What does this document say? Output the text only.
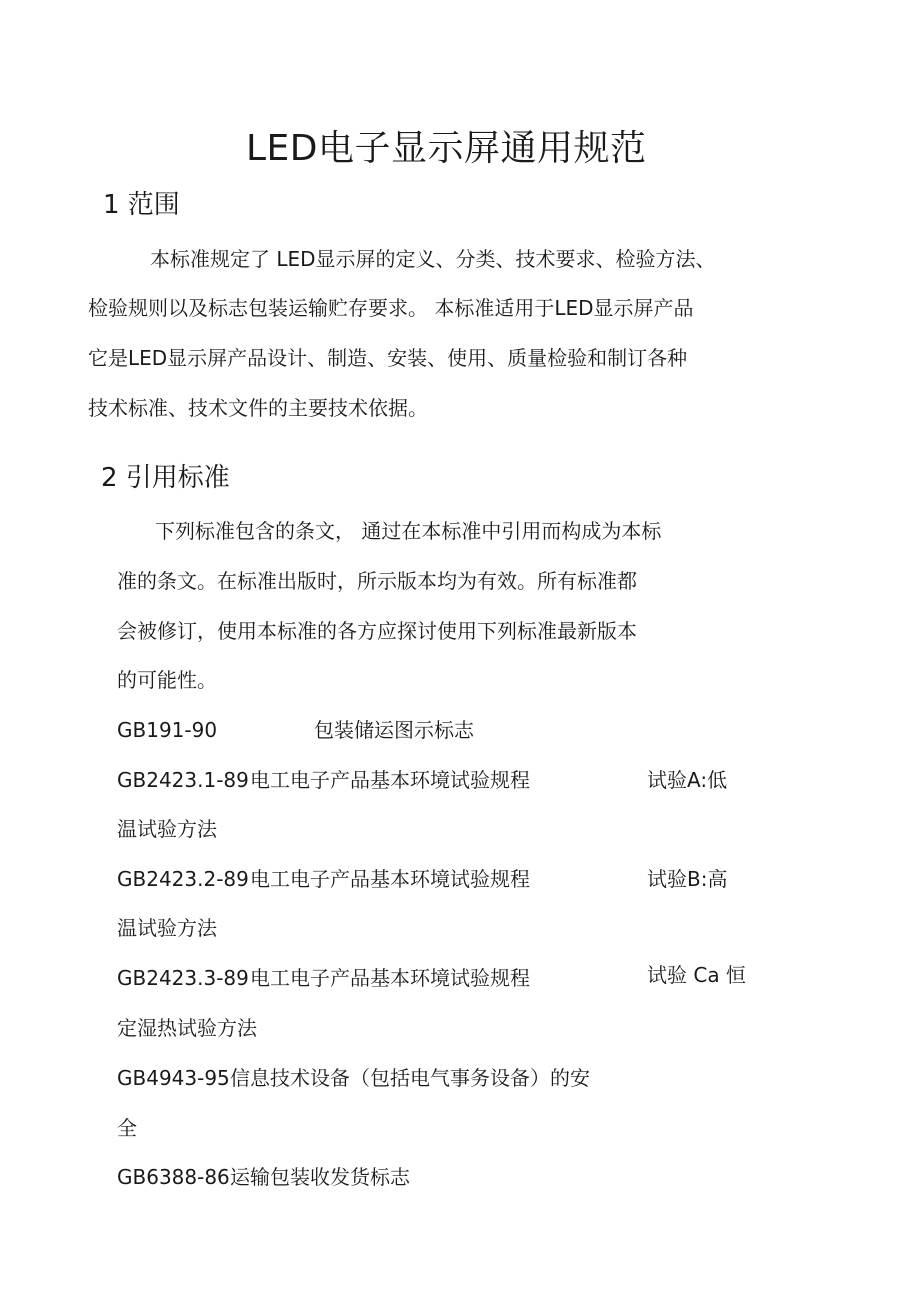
LED电子显示屏通用规范
1 范围
本标准规定了 LED显示屏的定义、分类、技术要求、检验方法、
检验规则以及标志包装运输贮存要求。 本标准适用于LED显示屏产品
它是LED显示屏产品设计、制造、安装、使用、质量检验和制订各种
技术标准、技术文件的主要技术依据。
2 引用标准
下列标准包含的条文， 通过在本标准中引用而构成为本标
准的条文。在标准出版时，所示版本均为有效。所有标准都
会被修订，使用本标准的各方应探讨使用下列标准最新版本
的可能性。
GB191-90	包装储运图示标志
GB2423.1-89 电工电子产品基本环境试验规程	试验A:低
温试验方法
GB2423.2-89 电工电子产品基本环境试验规程	试验B:高
温试验方法
GB2423.3-89 电工电子产品基本环境试验规程	试验 Ca 恒
定湿热试验方法
GB4943-95 信息技术设备（包括电气事务设备）的安
全
GB6388-86 运输包装收发货标志
